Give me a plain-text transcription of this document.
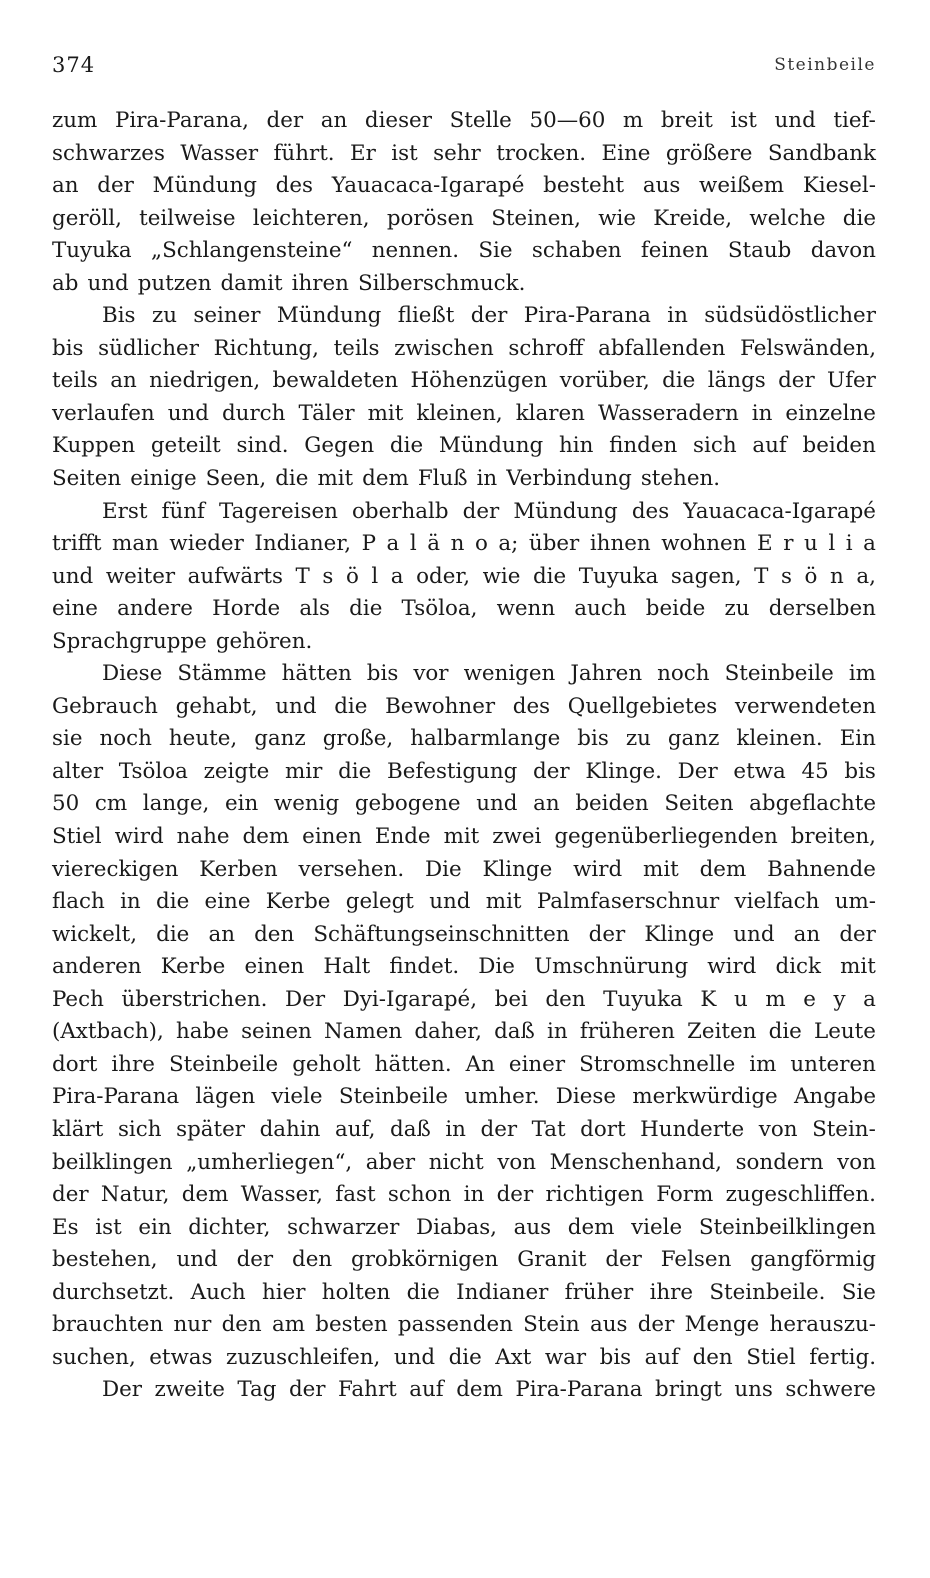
374	Steinbeile
zum Pira-Parana, der an dieser Stelle 50—60 m breit ist und tief-
schwarzes Wasser führt. Er ist sehr trocken. Eine größere Sandbank
an der Mündung des Yauacaca-Igarapé besteht aus weißem Kiesel-
geröll, teilweise leichteren, porösen Steinen, wie Kreide, welche die
Tuyuka „Schlangensteine“ nennen. Sie schaben feinen Staub davon
ab und putzen damit ihren Silberschmuck.
Bis zu seiner Mündung fließt der Pira-Parana in südsüdöstlicher
bis südlicher Richtung, teils zwischen schroff abfallenden Felswänden,
teils an niedrigen, bewaldeten Höhenzügen vorüber, die längs der Ufer
verlaufen und durch Täler mit kleinen, klaren Wasseradern in einzelne
Kuppen geteilt sind. Gegen die Mündung hin finden sich auf beiden
Seiten einige Seen, die mit dem Fluß in Verbindung stehen.
Erst fünf Tagereisen oberhalb der Mündung des Yauacaca-Igarapé
trifft man wieder Indianer, P a l ä n o a; über ihnen wohnen E r u l i a
und weiter aufwärts T s ö l a oder, wie die Tuyuka sagen, T s ö n a,
eine andere Horde als die Tsöloa, wenn auch beide zu derselben
Sprachgruppe gehören.
Diese Stämme hätten bis vor wenigen Jahren noch Steinbeile im
Gebrauch gehabt, und die Bewohner des Quellgebietes verwendeten
sie noch heute, ganz große, halbarmlange bis zu ganz kleinen. Ein
alter Tsöloa zeigte mir die Befestigung der Klinge. Der etwa 45 bis
50 cm lange, ein wenig gebogene und an beiden Seiten abgeflachte
Stiel wird nahe dem einen Ende mit zwei gegenüberliegenden breiten,
viereckigen Kerben versehen. Die Klinge wird mit dem Bahnende
flach in die eine Kerbe gelegt und mit Palmfaserschnur vielfach um-
wickelt, die an den Schäftungseinschnitten der Klinge und an der
anderen Kerbe einen Halt findet. Die Umschnürung wird dick mit
Pech überstrichen. Der Dyi-Igarapé, bei den Tuyuka K u m e y a
(Axtbach), habe seinen Namen daher, daß in früheren Zeiten die Leute
dort ihre Steinbeile geholt hätten. An einer Stromschnelle im unteren
Pira-Parana lägen viele Steinbeile umher. Diese merkwürdige Angabe
klärt sich später dahin auf, daß in der Tat dort Hunderte von Stein-
beilklingen „umherliegen“, aber nicht von Menschenhand, sondern von
der Natur, dem Wasser, fast schon in der richtigen Form zugeschliffen.
Es ist ein dichter, schwarzer Diabas, aus dem viele Steinbeilklingen
bestehen, und der den grobkörnigen Granit der Felsen gangförmig
durchsetzt. Auch hier holten die Indianer früher ihre Steinbeile. Sie
brauchten nur den am besten passenden Stein aus der Menge herauszu-
suchen, etwas zuzuschleifen, und die Axt war bis auf den Stiel fertig.
Der zweite Tag der Fahrt auf dem Pira-Parana bringt uns schwere
